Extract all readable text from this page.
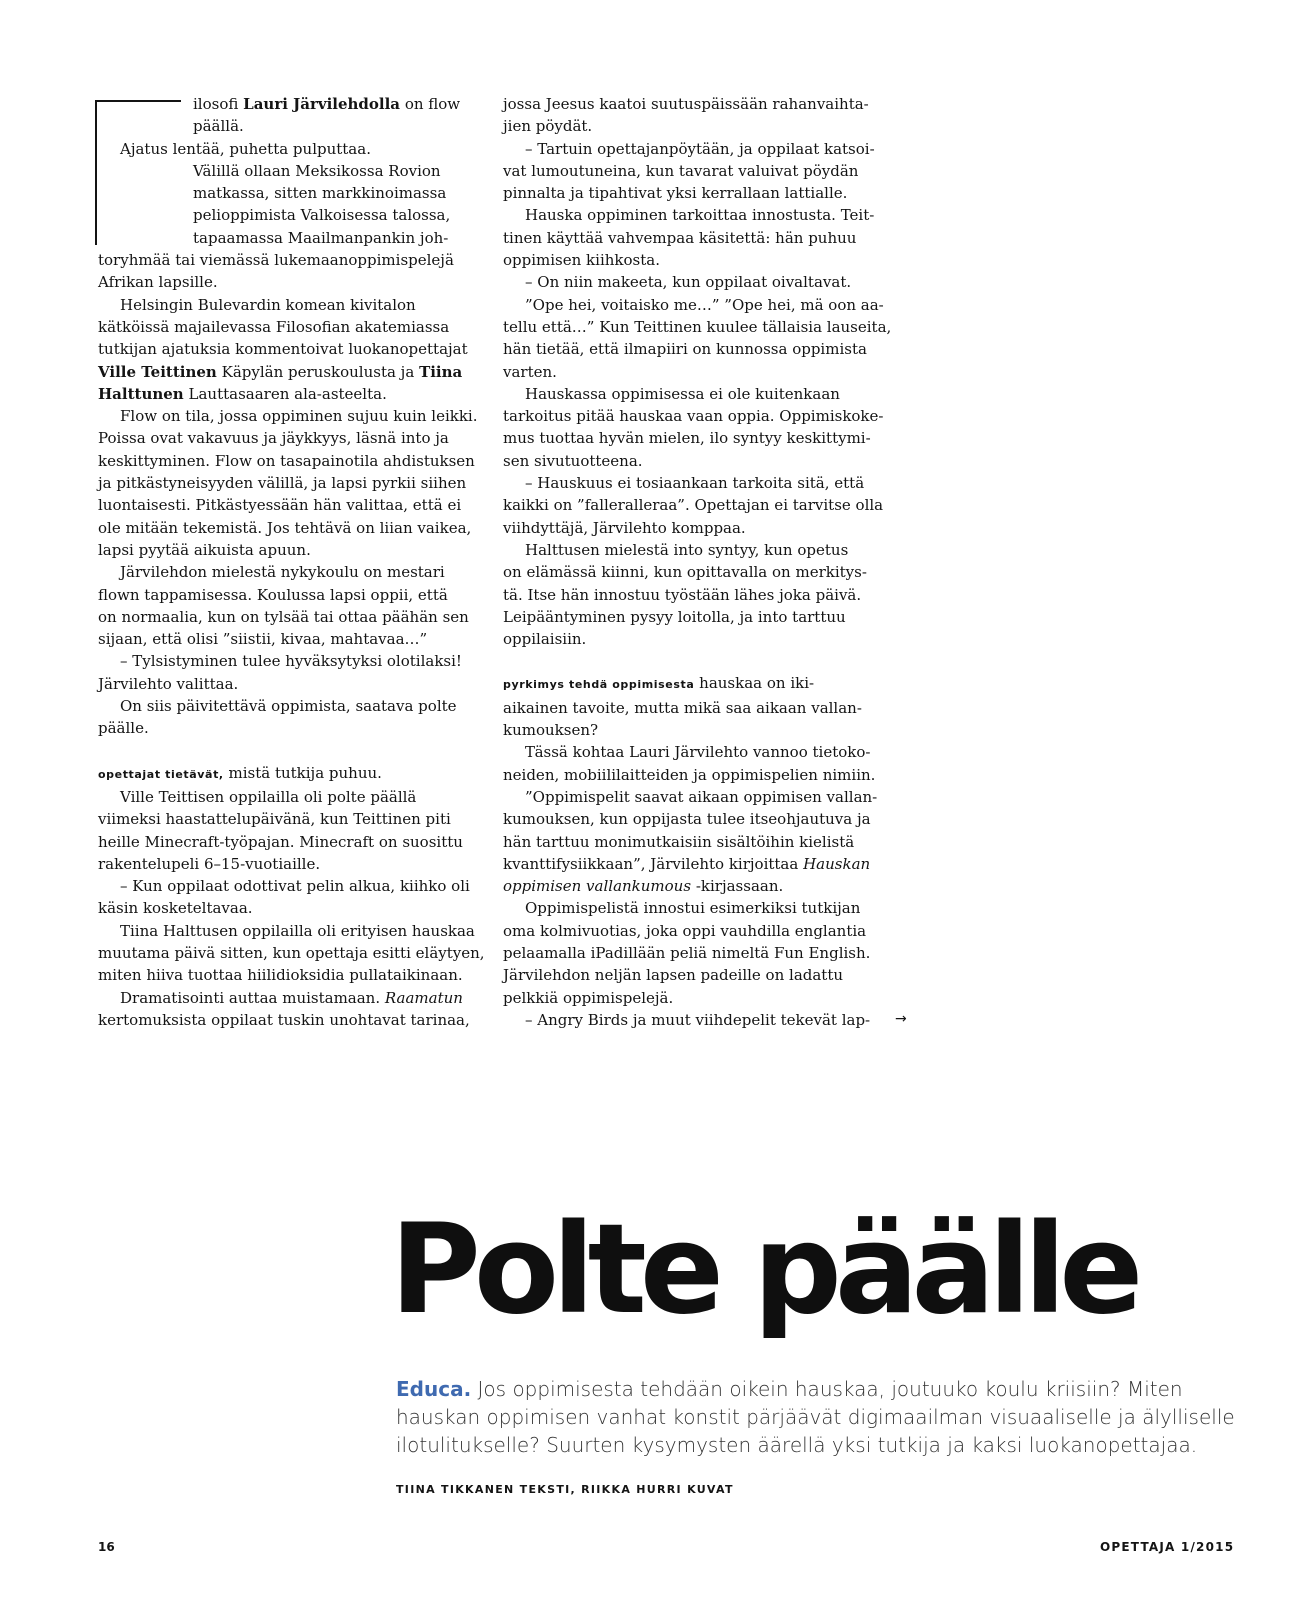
ilosofi Lauri Järvilehdolla on flow

päällä.

Ajatus lentää, puhetta pulputtaa.

Välillä ollaan Meksikossa Rovion

matkassa, sitten markkinoimassa

pelioppimista Valkoisessa talossa,

tapaamassa Maailmanpankin joh-

toryhmää tai viemässä lukemaanoppimispelejä

Afrikan lapsille.

Helsingin Bulevardin komean kivitalon

kätköissä majailevassa Filosofian akatemiassa

tutkijan ajatuksia kommentoivat luokanopettajat

Ville Teittinen Käpylän peruskoulusta ja Tiina

Halttunen Lauttasaaren ala-asteelta.

Flow on tila, jossa oppiminen sujuu kuin leikki.

Poissa ovat vakavuus ja jäykkyys, läsnä into ja

keskittyminen. Flow on tasapainotila ahdistuksen

ja pitkästyneisyyden välillä, ja lapsi pyrkii siihen

luontaisesti. Pitkästyessään hän valittaa, että ei

ole mitään tekemistä. Jos tehtävä on liian vaikea,

lapsi pyytää aikuista apuun.

Järvilehdon mielestä nykykoulu on mestari

flown tappamisessa. Koulussa lapsi oppii, että

on normaalia, kun on tylsää tai ottaa päähän sen

sijaan, että olisi ”siistii, kivaa, mahtavaa…”

– Tylsistyminen tulee hyväksytyksi olotilaksi!

Järvilehto valittaa.

On siis päivitettävä oppimista, saatava polte

päälle.

opettajat tietävät, mistä tutkija puhuu.

Ville Teittisen oppilailla oli polte päällä

viimeksi haastattelupäivänä, kun Teittinen piti

heille Minecraft-työpajan. Minecraft on suosittu

rakentelupeli 6–15-vuotiaille.

– Kun oppilaat odottivat pelin alkua, kiihko oli

käsin kosketeltavaa.

Tiina Halttusen oppilailla oli erityisen hauskaa

muutama päivä sitten, kun opettaja esitti eläytyen,

miten hiiva tuottaa hiilidioksidia pullataikinaan.

Dramatisointi auttaa muistamaan. Raamatun

kertomuksista oppilaat tuskin unohtavat tarinaa,

jossa Jeesus kaatoi suutuspäissään rahanvaihta-

jien pöydät.

– Tartuin opettajanpöytään, ja oppilaat katsoi-

vat lumoutuneina, kun tavarat valuivat pöydän

pinnalta ja tipahtivat yksi kerrallaan lattialle.

Hauska oppiminen tarkoittaa innostusta. Teit-

tinen käyttää vahvempaa käsitettä: hän puhuu

oppimisen kiihkosta.

– On niin makeeta, kun oppilaat oivaltavat.

”Ope hei, voitaisko me…” ”Ope hei, mä oon aa-

tellu että…” Kun Teittinen kuulee tällaisia lauseita,

hän tietää, että ilmapiiri on kunnossa oppimista

varten.

Hauskassa oppimisessa ei ole kuitenkaan

tarkoitus pitää hauskaa vaan oppia. Oppimiskoke-

mus tuottaa hyvän mielen, ilo syntyy keskittymi-

sen sivutuotteena.

– Hauskuus ei tosiaankaan tarkoita sitä, että

kaikki on ”fallerallerаа”. Opettajan ei tarvitse olla

viihdyttäjä, Järvilehto komppaa.

Halttusen mielestä into syntyy, kun opetus

on elämässä kiinni, kun opittavalla on merkitys-

tä. Itse hän innostuu työstään lähes joka päivä.

Leipääntyminen pysyy loitolla, ja into tarttuu

oppilaisiin.

pyrkimys tehdä oppimisesta hauskaa on iki-

aikainen tavoite, mutta mikä saa aikaan vallan-

kumouksen?

Tässä kohtaa Lauri Järvilehto vannoo tietoko-

neiden, mobiililaitteiden ja oppimispelien nimiin.

”Oppimispelit saavat aikaan oppimisen vallan-

kumouksen, kun oppijasta tulee itseohjautuva ja

hän tarttuu monimutkaisiin sisältöihin kielistä

kvanttifysiikkaan”, Järvilehto kirjoittaa Hauskan

oppimisen vallankumous -kirjassaan.

Oppimispelistä innostui esimerkiksi tutkijan

oma kolmivuotias, joka oppi vauhdilla englantia

pelaamalla iPadillään peliä nimeltä Fun English.

Järvilehdon neljän lapsen padeille on ladattu

pelkkiä oppimispelejä.

– Angry Birds ja muut viihdepelit tekevät lap-	→
Polte päälle
Educa. Jos oppimisesta tehdään oikein hauskaa, joutuuko koulu kriisiin? Miten hauskan oppimisen vanhat konstit pärjäävät digimaailman visuaaliselle ja älylliselle ilotulitukselle? Suurten kysymysten äärellä yksi tutkija ja kaksi luokanopettajaa.
TIINA TIKKANEN TEKSTI, RIIKKA HURRI KUVAT
16	OPETTAJA 1/2015
